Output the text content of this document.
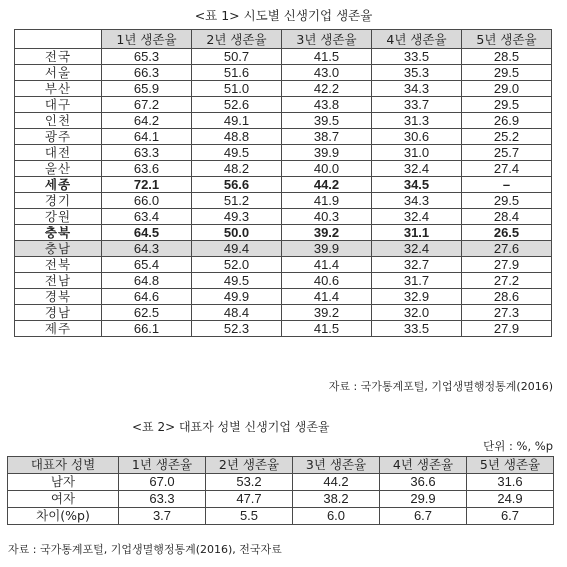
<표 1> 시도별 신생기업 생존율
	1년 생존율	2년 생존율	3년 생존율	4년 생존율	5년 생존율
전국	65.3	50.7	41.5	33.5	28.5
서울	66.3	51.6	43.0	35.3	29.5
부산	65.9	51.0	42.2	34.3	29.0
대구	67.2	52.6	43.8	33.7	29.5
인천	64.2	49.1	39.5	31.3	26.9
광주	64.1	48.8	38.7	30.6	25.2
대전	63.3	49.5	39.9	31.0	25.7
울산	63.6	48.2	40.0	32.4	27.4
세종	72.1	56.6	44.2	34.5	–
경기	66.0	51.2	41.9	34.3	29.5
강원	63.4	49.3	40.3	32.4	28.4
충북	64.5	50.0	39.2	31.1	26.5
충남	64.3	49.4	39.9	32.4	27.6
전북	65.4	52.0	41.4	32.7	27.9
전남	64.8	49.5	40.6	31.7	27.2
경북	64.6	49.9	41.4	32.9	28.6
경남	62.5	48.4	39.2	32.0	27.3
제주	66.1	52.3	41.5	33.5	27.9
자료 : 국가통계포털, 기업생멸행정통계(2016)
<표 2> 대표자 성별 신생기업 생존율
단위 : %, %p
대표자 성별	1년 생존율	2년 생존율	3년 생존율	4년 생존율	5년 생존율
남자	67.0	53.2	44.2	36.6	31.6
여자	63.3	47.7	38.2	29.9	24.9
차이(%p)	3.7	5.5	6.0	6.7	6.7
자료 : 국가통계포털, 기업생멸행정통계(2016), 전국자료
